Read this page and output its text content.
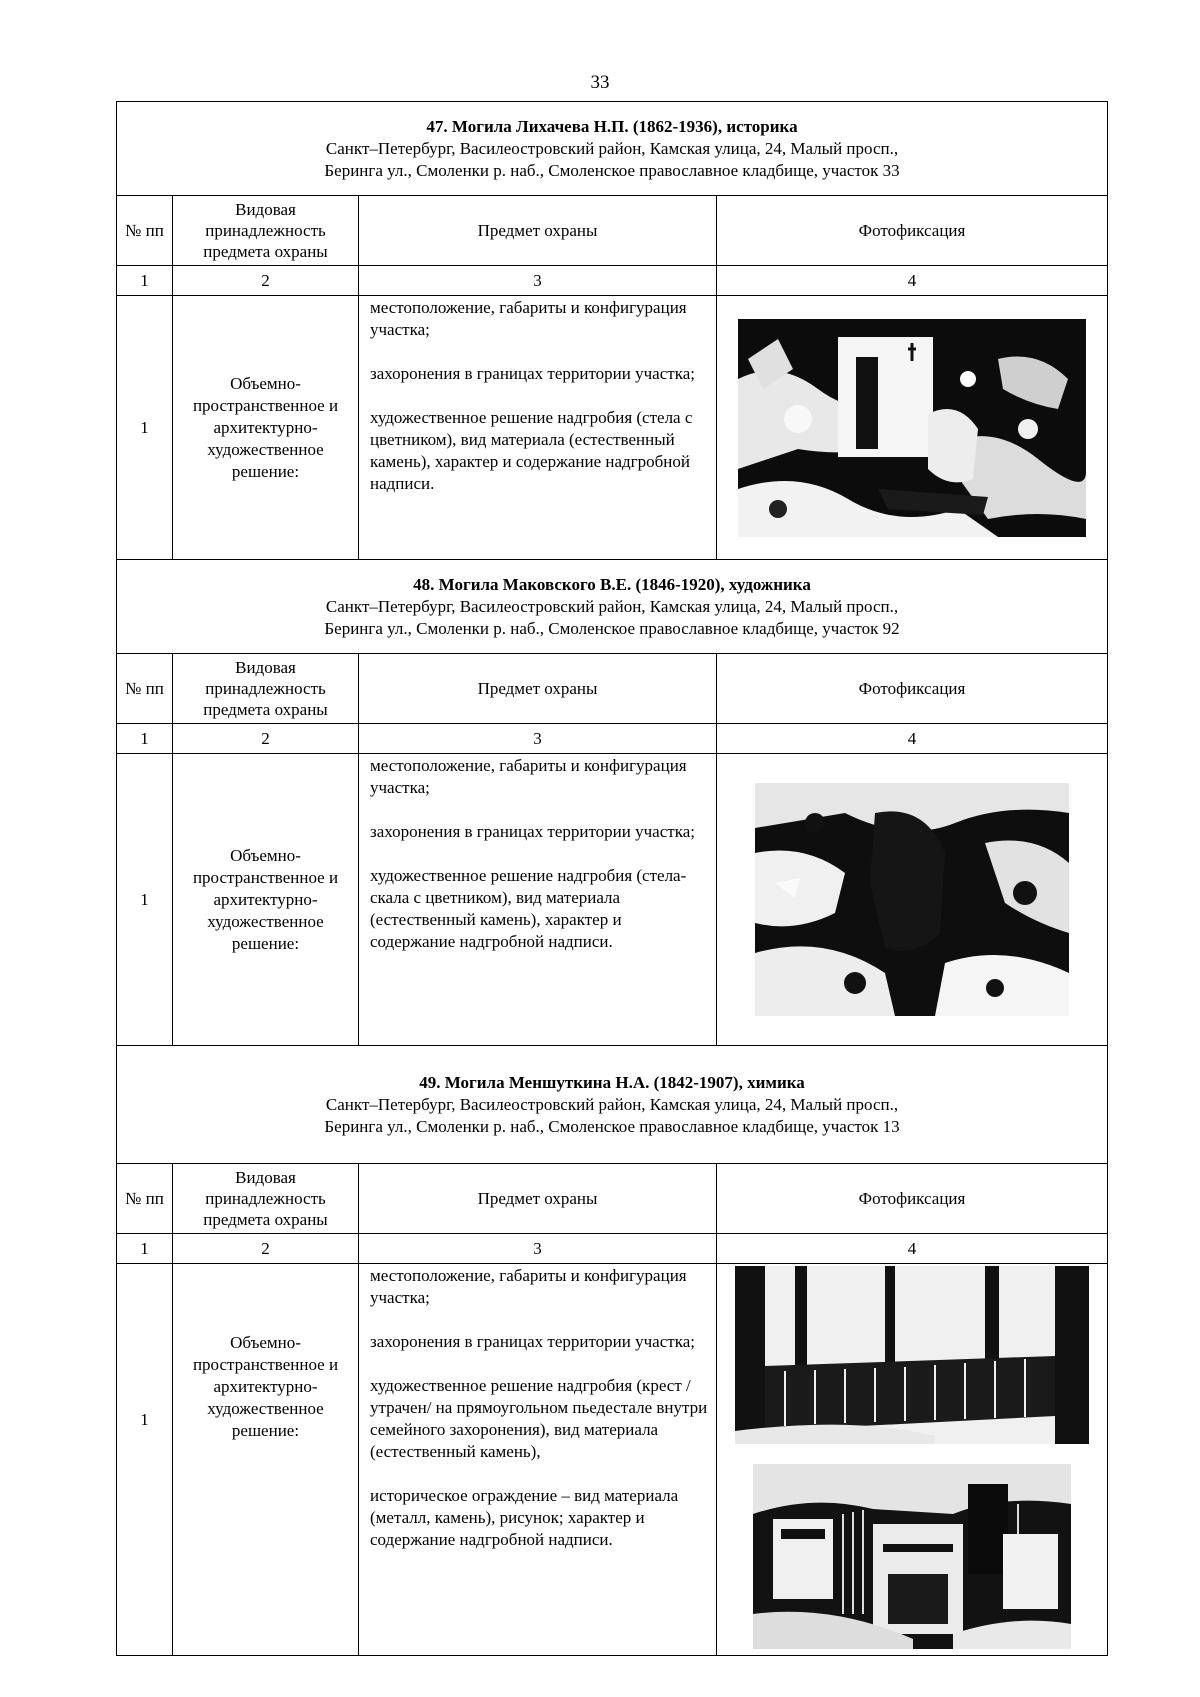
33
47. Могила Лихачева Н.П. (1862-1936), историка
Санкт–Петербург, Василеостровский район, Камская улица, 24, Малый просп.,
Беринга ул., Смоленки р. наб., Смоленское православное кладбище, участок 33			

№ пп	Видовая принадлежность предмета охраны	Предмет охраны	Фотофиксация
1	2	3	4
1	Объемно-пространственное и архитектурно-художественное решение:	местоположение, габариты и конфигурация участка;

захоронения в границах территории участка;

художественное решение надгробия (стела с цветником), вид материала (естественный камень), характер и содержание надгробной надписи.

48. Могила Маковского В.Е. (1846-1920), художника
Санкт–Петербург, Василеостровский район, Камская улица, 24, Малый просп.,
Беринга ул., Смоленки р. наб., Смоленское православное кладбище, участок 92			

№ пп	Видовая принадлежность предмета охраны	Предмет охраны	Фотофиксация
1	2	3	4
1	Объемно-пространственное и архитектурно-художественное решение:	местоположение, габариты и конфигурация участка;

захоронения в границах территории участка;

художественное решение надгробия (стела-скала с цветником), вид материала (естественный камень), характер и содержание надгробной надписи.

49. Могила Меншуткина Н.А. (1842-1907), химика
Санкт–Петербург, Василеостровский район, Камская улица, 24, Малый просп.,
Беринга ул., Смоленки р. наб., Смоленское православное кладбище, участок 13			

№ пп	Видовая принадлежность предмета охраны	Предмет охраны	Фотофиксация
1	2	3	4
1	Объемно-пространственное и архитектурно-художественное решение:	местоположение, габариты и конфигурация участка;

захоронения в границах территории участка;

художественное решение надгробия (крест /утрачен/ на прямоугольном пьедестале внутри семейного захоронения), вид материала (естественный камень),

историческое ограждение – вид материала (металл, камень), рисунок; характер и содержание надгробной надписи.
